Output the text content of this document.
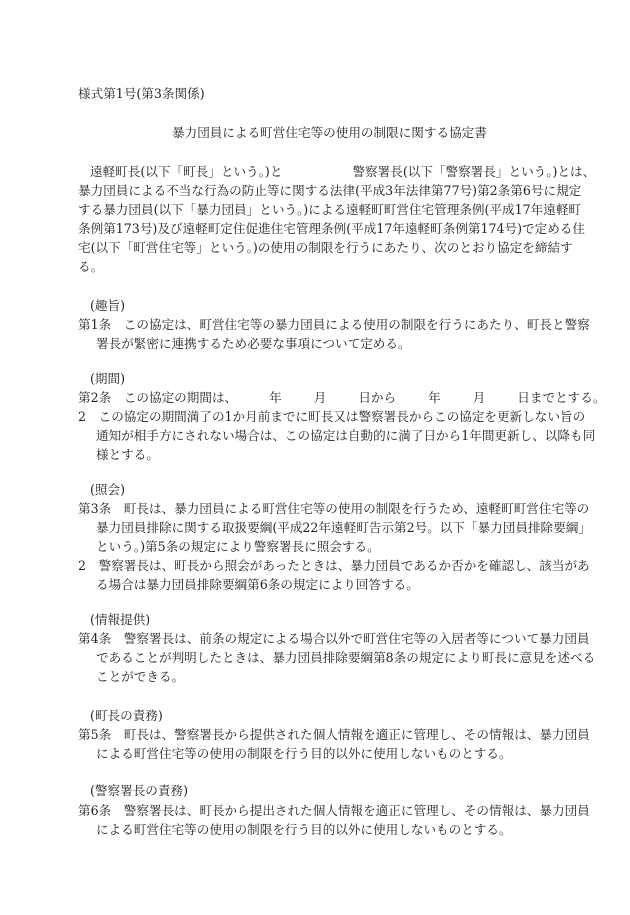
様式第1号(第3条関係)
暴力団員による町営住宅等の使用の制限に関する協定書
遠軽町長(以下「町長」という。)と	警察署長(以下「警察署長」という。)とは、
暴力団員による不当な行為の防止等に関する法律(平成3年法律第77号)第2条第6号に規定
する暴力団員(以下「暴力団員」という。)による遠軽町町営住宅管理条例(平成17年遠軽町
条例第173号)及び遠軽町定住促進住宅管理条例(平成17年遠軽町条例第174号)で定める住
宅(以下「町営住宅等」という。)の使用の制限を行うにあたり、次のとおり協定を締結す
る。
(趣旨)
第1条　この協定は、町営住宅等の暴力団員による使用の制限を行うにあたり、町長と警察
署長が緊密に連携するため必要な事項について定める。
(期間)
第2条　この協定の期間は、	年	月	日から	年	月	日までとする。
2　この協定の期間満了の1か月前までに町長又は警察署長からこの協定を更新しない旨の
通知が相手方にされない場合は、この協定は自動的に満了日から1年間更新し、以降も同
様とする。
(照会)
第3条　町長は、暴力団員による町営住宅等の使用の制限を行うため、遠軽町町営住宅等の
暴力団員排除に関する取扱要綱(平成22年遠軽町告示第2号。以下「暴力団員排除要綱」
という。)第5条の規定により警察署長に照会する。
2　警察署長は、町長から照会があったときは、暴力団員であるか否かを確認し、該当があ
る場合は暴力団員排除要綱第6条の規定により回答する。
(情報提供)
第4条　警察署長は、前条の規定による場合以外で町営住宅等の入居者等について暴力団員
であることが判明したときは、暴力団員排除要綱第8条の規定により町長に意見を述べる
ことができる。
(町長の責務)
第5条　町長は、警察署長から提供された個人情報を適正に管理し、その情報は、暴力団員
による町営住宅等の使用の制限を行う目的以外に使用しないものとする。
(警察署長の責務)
第6条　警察署長は、町長から提出された個人情報を適正に管理し、その情報は、暴力団員
による町営住宅等の使用の制限を行う目的以外に使用しないものとする。
